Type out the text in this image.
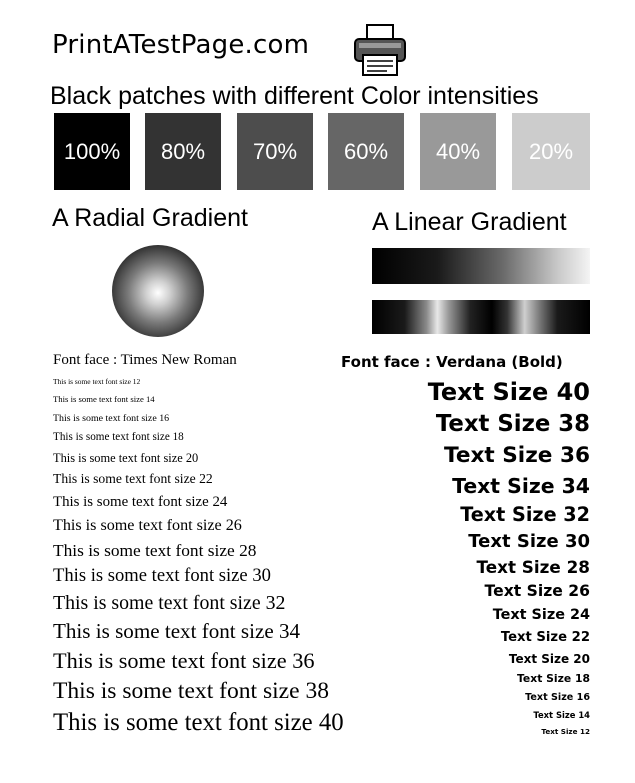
PrintATestPage.com
Black patches with different Color intensities
100%	80%	70%	60%	40%	20%
A Radial Gradient	A Linear Gradient
Font face : Times New Roman
This is some text font size 12
This is some text font size 14
This is some text font size 16
This is some text font size 18
This is some text font size 20
This is some text font size 22
This is some text font size 24
This is some text font size 26
This is some text font size 28
This is some text font size 30
This is some text font size 32
This is some text font size 34
This is some text font size 36
This is some text font size 38
This is some text font size 40
Font face : Verdana (Bold)
Text Size 40
Text Size 38
Text Size 36
Text Size 34
Text Size 32
Text Size 30
Text Size 28
Text Size 26
Text Size 24
Text Size 22
Text Size 20
Text Size 18
Text Size 16
Text Size 14
Text Size 12
